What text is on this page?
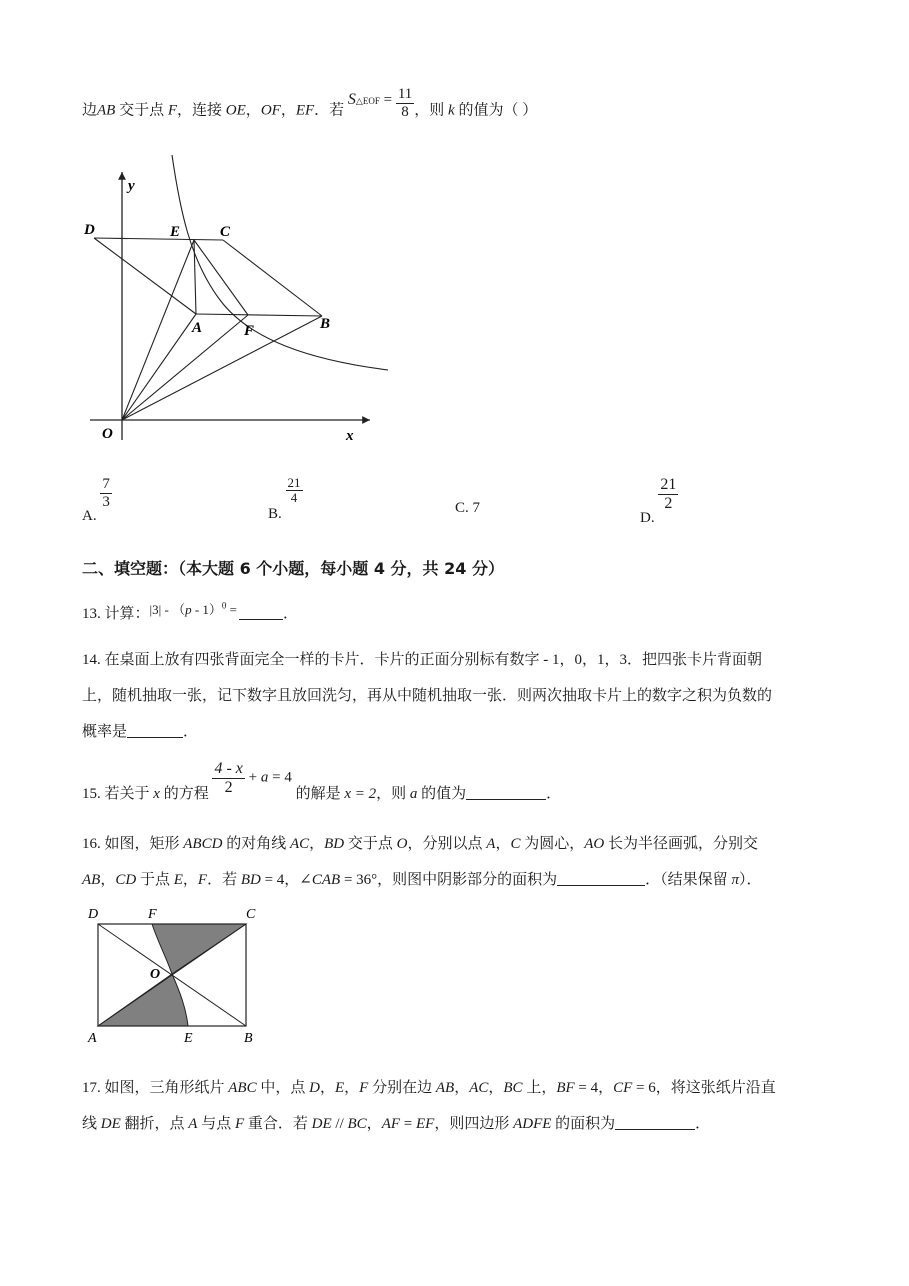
边AB 交于点 F，连接 OE，OF，EF．若 S△EOF = $\frac{11}{8}$ ，则 k 的值为（ ）
y
x
O
D	E	C
A	F	B
A.
$\frac{7}{3}$
B.
$\frac{21}{4}$
C. 7
D.
$\frac{21}{2}$
二、填空题：（本大题 6 个小题，每小题 4 分，共 24 分）
13. 计算：|3| - （p - 1）$^0$ =	．
14. 在桌面上放有四张背面完全一样的卡片．卡片的正面分别标有数字 - 1，0，1，3．把四张卡片背面朝
上，随机抽取一张，记下数字且放回洗匀，再从中随机抽取一张．则两次抽取卡片上的数字之积为负数的
概率是	．
15. 若关于 x 的方程 $\frac{4 - x}{2} + a = 4$ 的解是 x = 2，则 a 的值为	．
16. 如图，矩形 ABCD 的对角线 AC，BD 交于点 O，分别以点 A，C 为圆心，AO 长为半径画弧，分别交
AB，CD 于点 E，F．若 BD = 4，∠CAB = 36°，则图中阴影部分的面积为	．（结果保留 π）．
D	F	C
O
A	E	B
17. 如图，三角形纸片 ABC 中，点 D，E，F 分别在边 AB，AC，BC 上，BF = 4，CF = 6，将这张纸片沿直
线 DE 翻折，点 A 与点 F 重合．若 DE // BC，AF = EF，则四边形 ADFE 的面积为	．
